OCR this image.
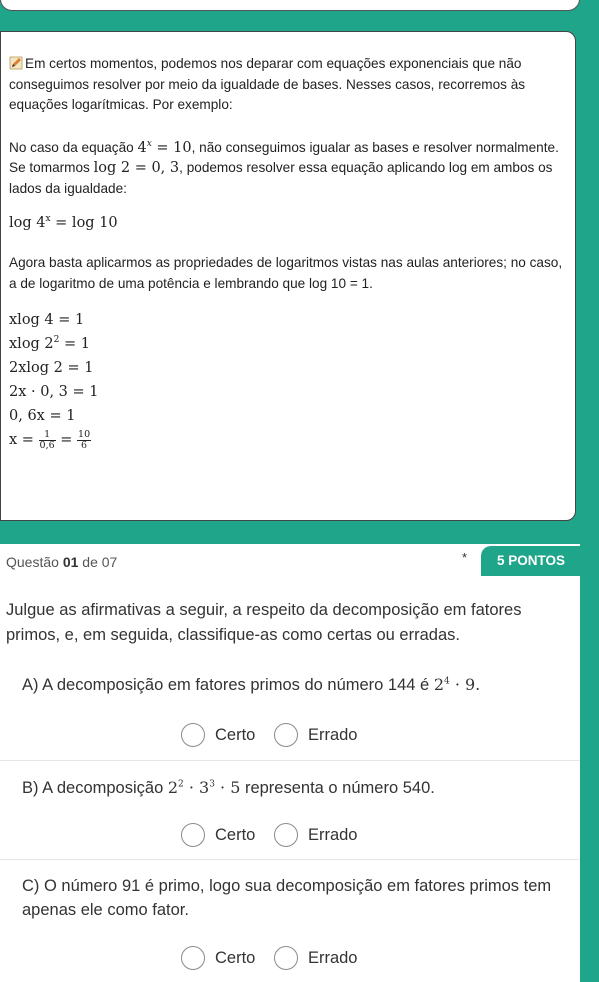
Em certos momentos, podemos nos deparar com equações exponenciais que não conseguimos resolver por meio da igualdade de bases. Nesses casos, recorremos às equações logarítmicas. Por exemplo:

No caso da equação $4^x = 10$, não conseguimos igualar as bases e resolver normalmente. Se tomarmos log 2 = 0, 3, podemos resolver essa equação aplicando log em ambos os lados da igualdade:

$\log 4^x = \log 10$

Agora basta aplicarmos as propriedades de logaritmos vistas nas aulas anteriores; no caso, a de logaritmo de uma potência e lembrando que log 10 = 1.

xlog 4 = 1
xlog $2^2 = 1$
2xlog 2 = 1
2x · 0, 3 = 1
0, 6x = 1
$x = \frac{1}{0,6} = \frac{10}{6}$
Questão 01 de 07	*	5 PONTOS

Julgue as afirmativas a seguir, a respeito da decomposição em fatores primos, e, em seguida, classifique-as como certas ou erradas.

A) A decomposição em fatores primos do número 144 é $2^4 \cdot 9$.

Certo	Errado

B) A decomposição $2^2 \cdot 3^3 \cdot 5$ representa o número 540.

Certo	Errado

C) O número 91 é primo, logo sua decomposição em fatores primos tem apenas ele como fator.

Certo	Errado
